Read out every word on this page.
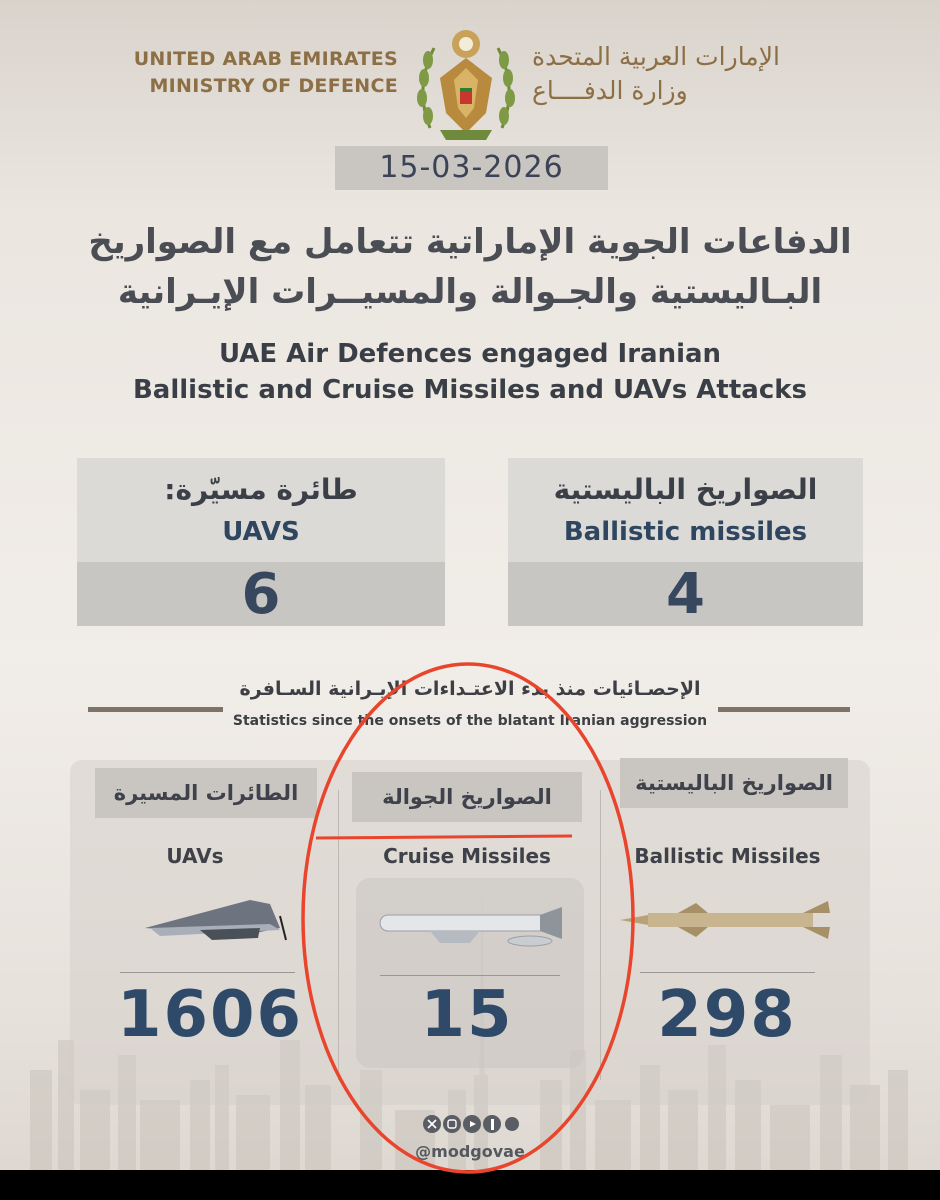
UNITED ARAB EMIRATES
MINISTRY OF DEFENCE
الإمارات العربية المتحدة
وزارة الدفــــاع
15-03-2026
الدفاعات الجوية الإماراتية تتعامل مع الصواريخ
البـاليستية والجـوالة والمسيــرات الإيـرانية
UAE Air Defences engaged Iranian
Ballistic and Cruise Missiles and UAVs Attacks
طائرة مسيّرة:
UAVS
6
الصواريخ الباليستية
Ballistic missiles
4
الإحصـائيات منذ بدء الاعتـداءات الإيـرانية السـافرة
Statistics since the onsets of the blatant Iranian aggression
الطائرات المسيرة
UAVs
1606
الصواريخ الجوالة
Cruise Missiles
15
الصواريخ الباليستية
Ballistic Missiles
298
@modgovae
